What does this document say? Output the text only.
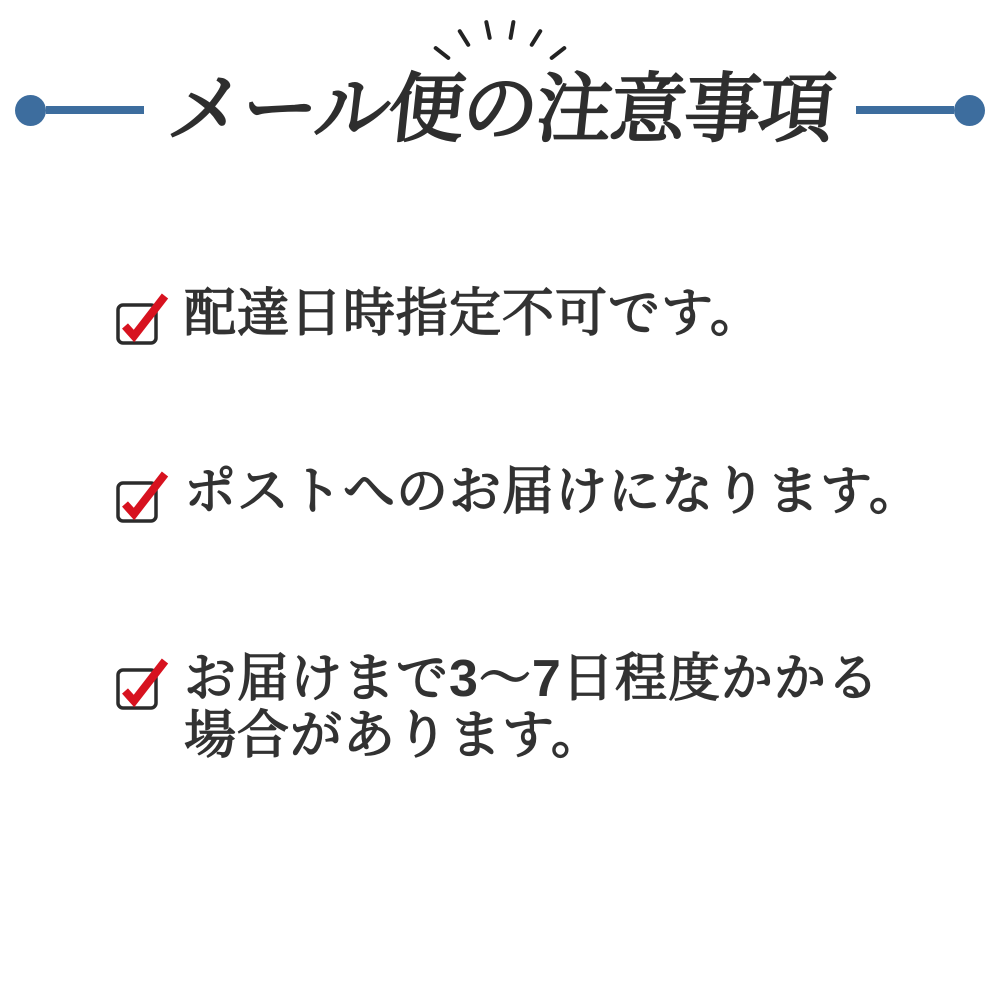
メール便の注意事項
配達日時指定不可です。
ポストへのお届けになります。
お届けまで3〜7日程度かかる
場合があります。
